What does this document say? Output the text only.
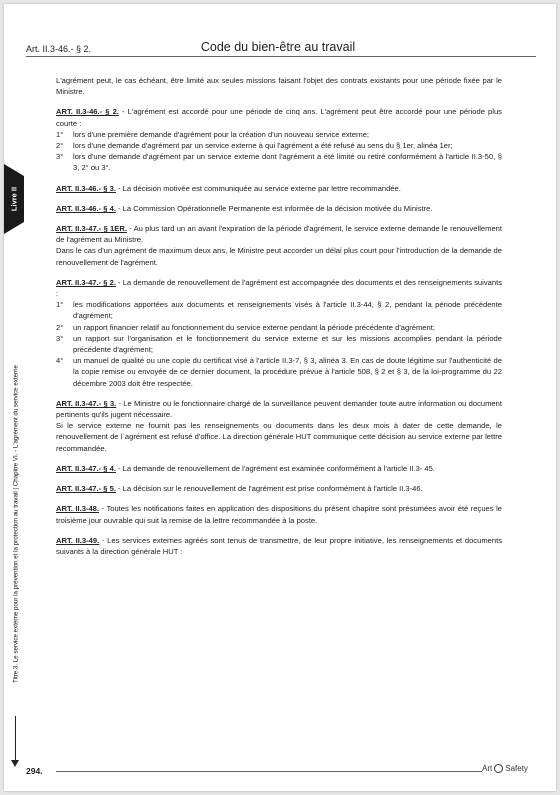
Art. II.3-46.- § 2.	Code du bien-être au travail
Livre II
Titre 3. Le service externe pour la prévention et la protection au travail | Chapitre VI. - L'agrément du service externe

L'agrément peut, le cas échéant, être limité aux seules missions faisant l'objet des contrats existants pour une période fixée par le Ministre.

ART. II.3-46.- § 2. - L'agrément est accordé pour une période de cinq ans. L'agrément peut être accordé pour une période plus courte :

1°	lors d'une première demande d'agrément pour la création d'un nouveau service externe;
2°	lors d'une demande d'agrément par un service externe à qui l'agrément a été refusé au sens du § 1er, alinéa 1er;
3°	lors d'une demande d'agrément par un service externe dont l'agrément a été limité ou retiré conformément à l'article II.3-50, § 3, 2° ou 3°.

ART. II.3-46.- § 3. - La décision motivée est communiquée au service externe par lettre recommandée.

ART. II.3-46.- § 4. - La Commission Opérationnelle Permanente est informée de la décision motivée du Ministre.

ART. II.3-47.- § 1ER. - Au plus tard un an avant l'expiration de la période d'agrément, le service externe demande le renouvellement de l'agrément au Ministre.

Dans le cas d'un agrément de maximum deux ans, le Ministre peut accorder un délai plus court pour l'introduction de la demande de renouvellement de l'agrément.

ART. II.3-47.- § 2. - La demande de renouvellement de l'agrément est accompagnée des documents et des renseignements suivants :

1°	les modifications apportées aux documents et renseignements visés à l'article II.3-44, § 2, pendant la période précédente d'agrément;
2°	un rapport financier relatif au fonctionnement du service externe pendant la période précédente d'agrément;
3°	un rapport sur l'organisation et le fonctionnement du service externe et sur les missions accomplies pendant la période précédente d'agrément;
4°	un manuel de qualité ou une copie du certificat visé à l'article II.3-7, § 3, alinéa 3. En cas de doute légitime sur l'authenticité de la copie remise ou envoyée de ce dernier document, la procédure prévue à l'article 508, § 2 et § 3, de la loi-programme du 22 décembre 2003 doit être respectée.

ART. II.3-47.- § 3. - Le Ministre ou le fonctionnaire chargé de la surveillance peuvent demander toute autre information ou document pertinents qu'ils jugent nécessaire.

Si le service externe ne fournit pas les renseignements ou documents dans les deux mois à dater de cette demande, le renouvellement de l`agrément est refusé d'office. La direction générale HUT communique cette décision au service externe par lettre recommandée.

ART. II.3-47.- § 4. - La demande de renouvellement de l'agrément est examinée conformément à l'article II.3- 45.

ART. II.3-47.- § 5. - La décision sur le renouvellement de l'agrément est prise conformément à l'article II.3-46.

ART. II.3-48. - Toutes les notifications faites en application des dispositions du présent chapitre sont présumées avoir été reçues le troisième jour ouvrable qui suit la remise de la lettre recommandée à la poste.

ART. II.3-49. - Les services externes agréés sont tenus de transmettre, de leur propre initiative, les renseignements et documents suivants à la direction générale HUT :

294.	Art Safety
